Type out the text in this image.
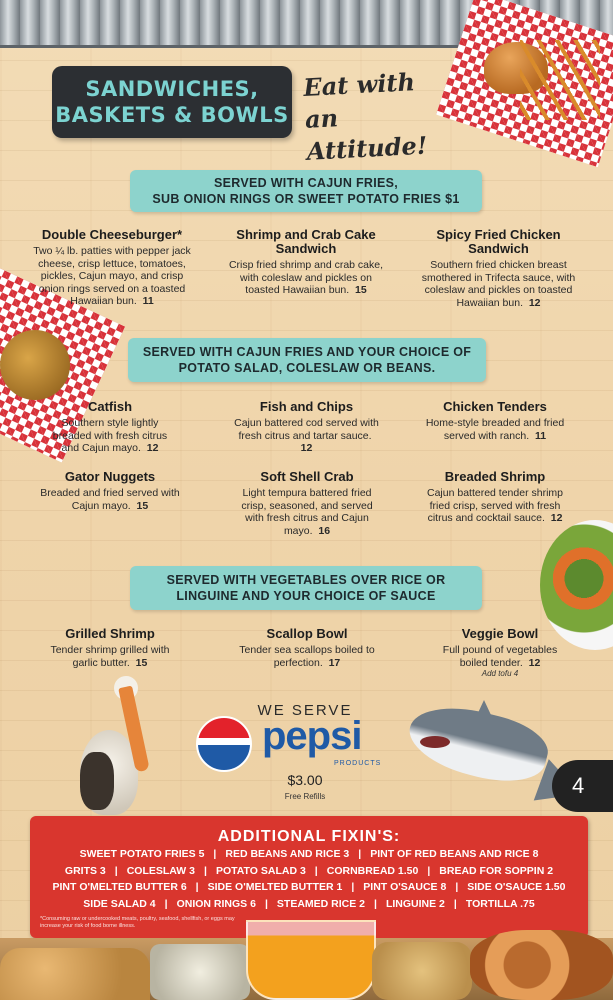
SANDWICHES,
BASKETS & BOWLS
Eat with an Attitude!
SERVED WITH CAJUN FRIES,
SUB ONION RINGS OR SWEET POTATO FRIES $1
Double Cheeseburger*
Two ¼ lb. patties with pepper jack cheese, crisp lettuce, tomatoes, pickles, Cajun mayo, and crisp onion rings served on a toasted Hawaiian bun. 11
Shrimp and Crab Cake Sandwich
Crisp fried shrimp and crab cake, with coleslaw and pickles on toasted Hawaiian bun. 15
Spicy Fried Chicken Sandwich
Southern fried chicken breast smothered in Trifecta sauce, with coleslaw and pickles on toasted Hawaiian bun. 12
SERVED WITH CAJUN FRIES AND YOUR CHOICE OF
POTATO SALAD, COLESLAW OR BEANS.
Catfish
Southern style lightly breaded with fresh citrus and Cajun mayo. 12
Fish and Chips
Cajun battered cod served with fresh citrus and tartar sauce.  12
Chicken Tenders
Home-style breaded and fried served with ranch. 11
Gator Nuggets
Breaded and fried served with Cajun mayo. 15
Soft Shell Crab
Light tempura battered fried crisp, seasoned, and served with fresh citrus and Cajun mayo. 16
Breaded Shrimp
Cajun battered tender shrimp fried crisp, served with fresh citrus and cocktail sauce. 12
SERVED WITH VEGETABLES OVER RICE OR
LINGUINE AND YOUR CHOICE OF SAUCE
Grilled Shrimp
Tender shrimp grilled with garlic butter. 15
Scallop Bowl
Tender sea scallops boiled to perfection. 17
Veggie Bowl
Full pound of vegetables boiled tender. 12
Add tofu 4
WE SERVE
pepsi
PRODUCTS
$3.00
Free Refills	4
ADDITIONAL FIXIN'S:
SWEET POTATO FRIES 5 | RED BEANS AND RICE 3 | PINT OF RED BEANS AND RICE 8
GRITS 3 | COLESLAW 3 | POTATO SALAD 3 | CORNBREAD 1.50 | BREAD FOR SOPPIN 2
PINT O'MELTED BUTTER 6 | SIDE O'MELTED BUTTER 1 | PINT O'SAUCE 8 | SIDE O'SAUCE 1.50
SIDE SALAD 4 | ONION RINGS 6 | STEAMED RICE 2 | LINGUINE 2 | TORTILLA .75
*Consuming raw or undercooked meats, poultry, seafood, shellfish, or eggs may increase your risk of food borne illness.
